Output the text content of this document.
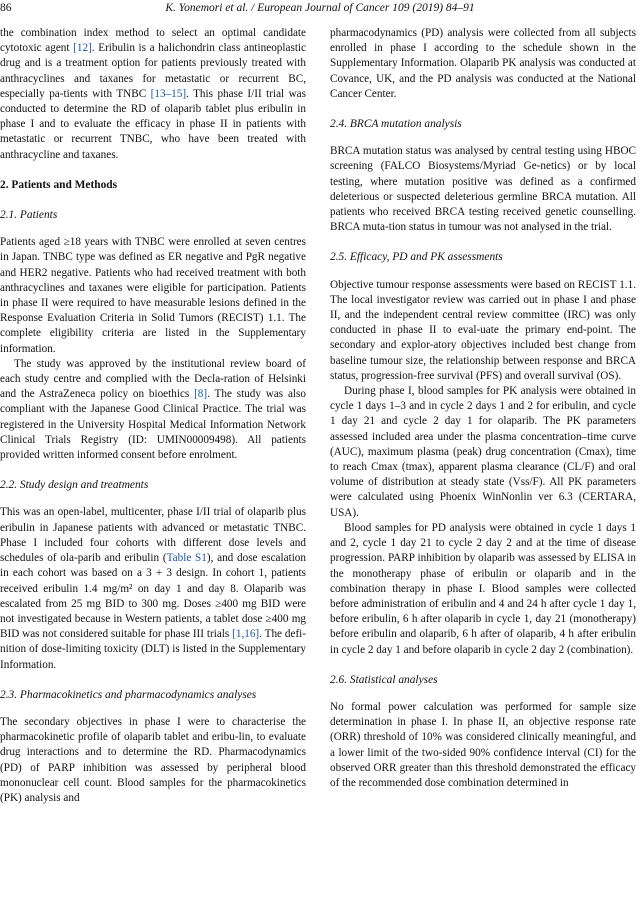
86	K. Yonemori et al. / European Journal of Cancer 109 (2019) 84–91

the combination index method to select an optimal candidate cytotoxic agent [12]. Eribulin is a halichondrin class antineoplastic drug and is a treatment option for patients previously treated with anthracyclines and taxanes for metastatic or recurrent BC, especially pa-tients with TNBC [13–15]. This phase I/II trial was conducted to determine the RD of olaparib tablet plus eribulin in phase I and to evaluate the efficacy in phase II in patients with metastatic or recurrent TNBC, who have been treated with anthracycline and taxanes.

2. Patients and Methods
2.1. Patients

Patients aged ≥18 years with TNBC were enrolled at seven centres in Japan. TNBC type was defined as ER negative and PgR negative and HER2 negative. Patients who had received treatment with both anthracyclines and taxanes were eligible for participation. Patients in phase II were required to have measurable lesions defined in the Response Evaluation Criteria in Solid Tumors (RECIST) 1.1. The complete eligibility criteria are listed in the Supplementary information.

The study was approved by the institutional review board of each study centre and complied with the Decla-ration of Helsinki and the AstraZeneca policy on bioethics [8]. The study was also compliant with the Japanese Good Clinical Practice. The trial was registered in the University Hospital Medical Information Network Clinical Trials Registry (ID: UMIN00009498). All patients provided written informed consent before enrolment.

2.2. Study design and treatments

This was an open-label, multicenter, phase I/II trial of olaparib plus eribulin in Japanese patients with advanced or metastatic TNBC. Phase I included four cohorts with different dose levels and schedules of ola-parib and eribulin (Table S1), and dose escalation in each cohort was based on a 3 + 3 design. In cohort 1, patients received eribulin 1.4 mg/m² on day 1 and day 8. Olaparib was escalated from 25 mg BID to 300 mg. Doses ≥400 mg BID were not investigated because in Western patients, a tablet dose ≥400 mg BID was not considered suitable for phase III trials [1,16]. The defi-nition of dose-limiting toxicity (DLT) is listed in the Supplementary Information.

2.3. Pharmacokinetics and pharmacodynamics analyses

The secondary objectives in phase I were to characterise the pharmacokinetic profile of olaparib tablet and eribu-lin, to evaluate drug interactions and to determine the RD. Pharmacodynamics (PD) of PARP inhibition was assessed by peripheral blood mononuclear cell count. Blood samples for the pharmacokinetics (PK) analysis and

pharmacodynamics (PD) analysis were collected from all subjects enrolled in phase I according to the schedule shown in the Supplementary Information. Olaparib PK analysis was conducted at Covance, UK, and the PD analysis was conducted at the National Cancer Center.

2.4. BRCA mutation analysis

BRCA mutation status was analysed by central testing using HBOC screening (FALCO Biosystems/Myriad Ge-netics) or by local testing, where mutation positive was defined as a confirmed deleterious or suspected deleterious germline BRCA mutation. All patients who received BRCA testing received genetic counselling. BRCA muta-tion status in tumour was not analysed in the trial.

2.5. Efficacy, PD and PK assessments

Objective tumour response assessments were based on RECIST 1.1. The local investigator review was carried out in phase I and phase II, and the independent central review committee (IRC) was only conducted in phase II to eval-uate the primary end-point. The secondary and explor-atory objectives included best change from baseline tumour size, the relationship between response and BRCA status, progression-free survival (PFS) and overall survival (OS).

During phase I, blood samples for PK analysis were obtained in cycle 1 days 1–3 and in cycle 2 days 1 and 2 for eribulin, and cycle 1 day 21 and cycle 2 day 1 for olaparib. The PK parameters assessed included area under the plasma concentration–time curve (AUC), maximum plasma (peak) drug concentration (Cmax), time to reach Cmax (tmax), apparent plasma clearance (CL/F) and oral volume of distribution at steady state (Vss/F). All PK parameters were calculated using Phoenix WinNonlin ver 6.3 (CERTARA, USA).

Blood samples for PD analysis were obtained in cycle 1 days 1 and 2, cycle 1 day 21 to cycle 2 day 2 and at the time of disease progression. PARP inhibition by olaparib was assessed by ELISA in the monotherapy phase of eribulin or olaparib and in the combination therapy in phase I. Blood samples were collected before administration of eribulin and 4 and 24 h after cycle 1 day 1, before eribulin, 6 h after olaparib in cycle 1, day 21 (monotherapy) before eribulin and olaparib, 6 h after of olaparib, 4 h after eribulin in cycle 2 day 1 and before olaparib in cycle 2 day 2 (combination).

2.6. Statistical analyses

No formal power calculation was performed for sample size determination in phase I. In phase II, an objective response rate (ORR) threshold of 10% was considered clinically meaningful, and a lower limit of the two-sided 90% confidence interval (CI) for the observed ORR greater than this threshold demonstrated the efficacy of the recommended dose combination determined in
